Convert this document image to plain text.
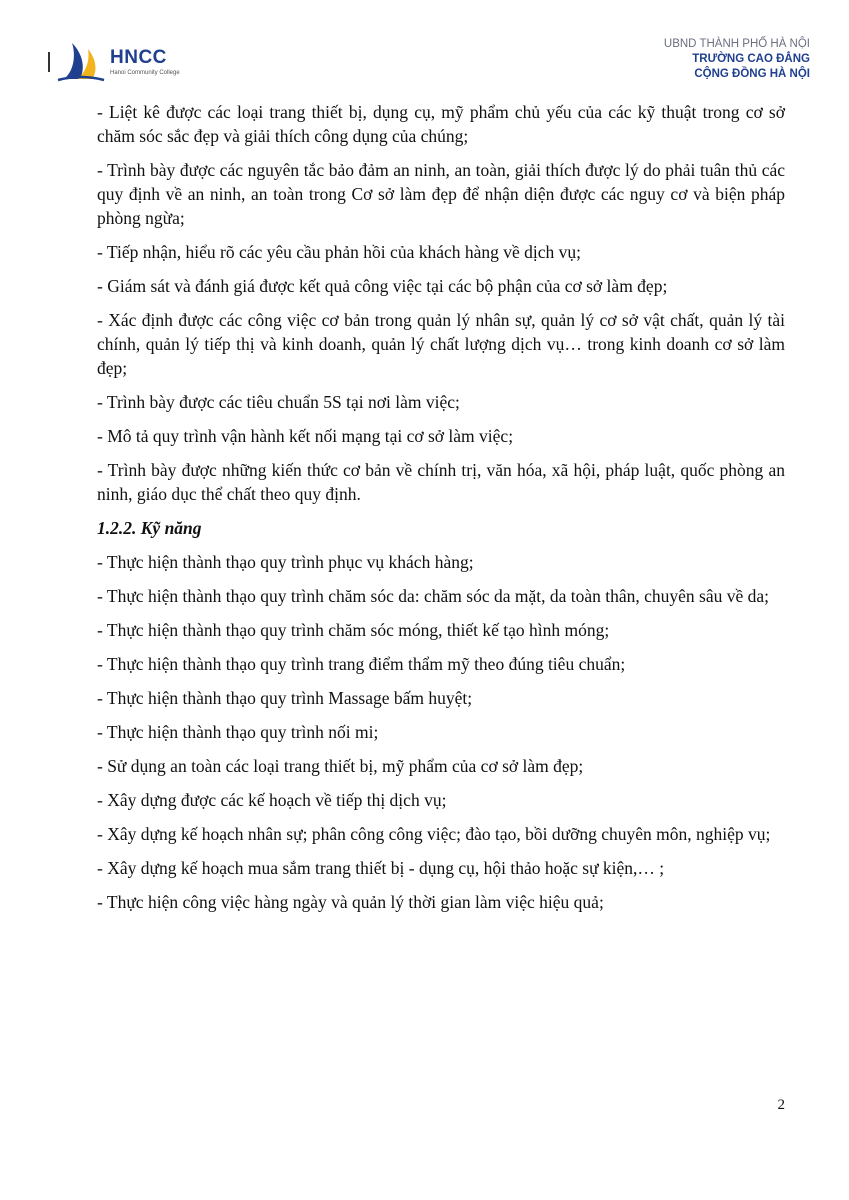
HNCC
Hanoi Community College
UBND THÀNH PHỐ HÀ NỘI
TRƯỜNG CAO ĐẲNG
CỘNG ĐỒNG HÀ NỘI

- Liệt kê được các loại trang thiết bị, dụng cụ, mỹ phẩm chủ yếu của các kỹ thuật trong cơ sở chăm sóc sắc đẹp và giải thích công dụng của chúng;

- Trình bày được các nguyên tắc bảo đảm an ninh, an toàn, giải thích được lý do phải tuân thủ các quy định về an ninh, an toàn trong Cơ sở làm đẹp để nhận diện được các nguy cơ và biện pháp phòng ngừa;

- Tiếp nhận, hiểu rõ các yêu cầu phản hồi của khách hàng về dịch vụ;

- Giám sát và đánh giá được kết quả công việc tại các bộ phận của cơ sở làm đẹp;

- Xác định được các công việc cơ bản trong quản lý nhân sự, quản lý cơ sở vật chất, quản lý tài chính, quản lý tiếp thị và kinh doanh, quản lý chất lượng dịch vụ… trong kinh doanh cơ sở làm đẹp;

- Trình bày được các tiêu chuẩn 5S tại nơi làm việc;

- Mô tả quy trình vận hành kết nối mạng tại cơ sở làm việc;

- Trình bày được những kiến thức cơ bản về chính trị, văn hóa, xã hội, pháp luật, quốc phòng an ninh, giáo dục thể chất theo quy định.

1.2.2. Kỹ năng

- Thực hiện thành thạo quy trình phục vụ khách hàng;

- Thực hiện thành thạo quy trình chăm sóc da: chăm sóc da mặt, da toàn thân, chuyên sâu về da;

- Thực hiện thành thạo quy trình chăm sóc móng, thiết kế tạo hình móng;

- Thực hiện thành thạo quy trình trang điểm thẩm mỹ theo đúng tiêu chuẩn;

- Thực hiện thành thạo quy trình Massage bấm huyệt;

- Thực hiện thành thạo quy trình nối mi;

- Sử dụng an toàn các loại trang thiết bị, mỹ phẩm của cơ sở làm đẹp;

- Xây dựng được các kế hoạch về tiếp thị dịch vụ;

- Xây dựng kế hoạch nhân sự; phân công công việc; đào tạo, bồi dưỡng chuyên môn, nghiệp vụ;

- Xây dựng kế hoạch mua sắm trang thiết bị - dụng cụ, hội thảo hoặc sự kiện,… ;

- Thực hiện công việc hàng ngày và quản lý thời gian làm việc hiệu quả;

2
